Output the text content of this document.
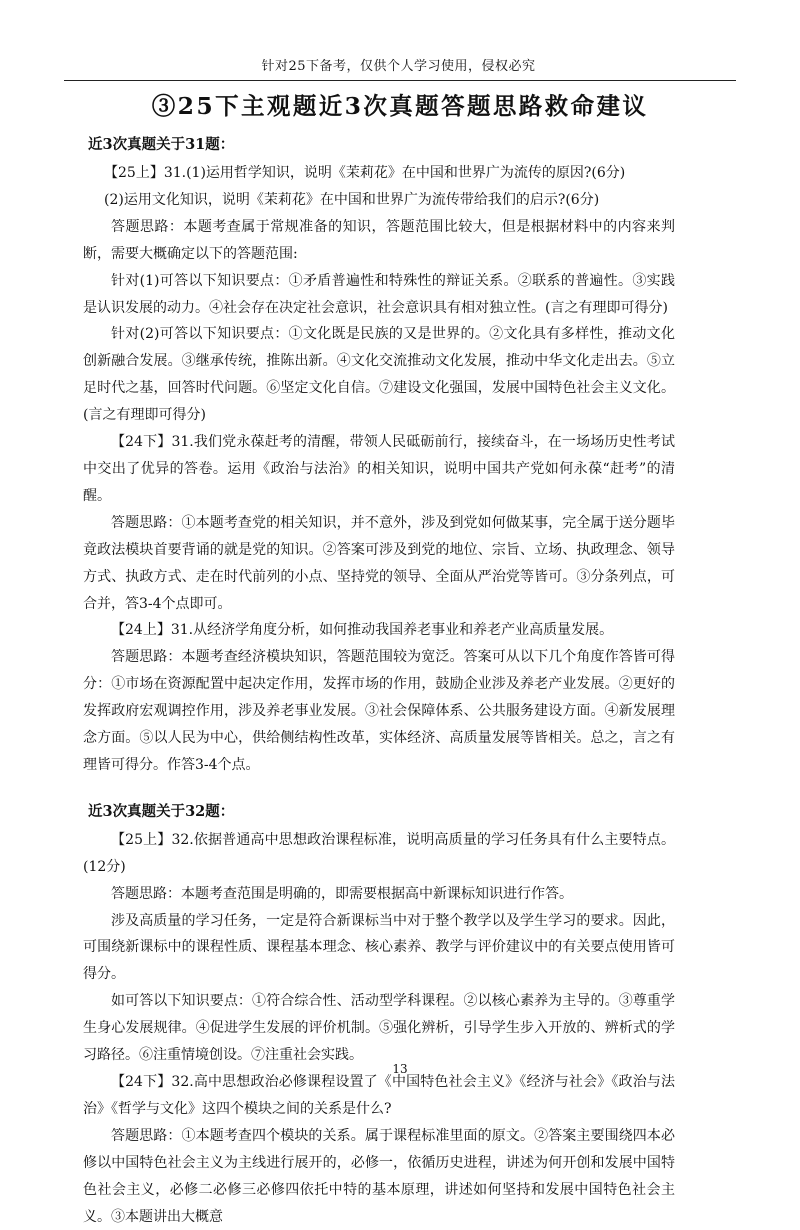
针对25下备考，仅供个人学习使用，侵权必究
③25下主观题近3次真题答题思路救命建议
近3次真题关于31题：

【25上】31.(1)运用哲学知识，说明《茉莉花》在中国和世界广为流传的原因?(6分)

(2)运用文化知识，说明《茉莉花》在中国和世界广为流传带给我们的启示?(6分)

答题思路：本题考查属于常规准备的知识，答题范围比较大，但是根据材料中的内容来判断，需要大概确定以下的答题范围:

针对(1)可答以下知识要点：①矛盾普遍性和特殊性的辩证关系。②联系的普遍性。③实践是认识发展的动力。④社会存在决定社会意识，社会意识具有相对独立性。(言之有理即可得分)

针对(2)可答以下知识要点：①文化既是民族的又是世界的。②文化具有多样性，推动文化创新融合发展。③继承传统，推陈出新。④文化交流推动文化发展，推动中华文化走出去。⑤立足时代之基，回答时代问题。⑥坚定文化自信。⑦建设文化强国，发展中国特色社会主义文化。(言之有理即可得分)

【24下】31.我们党永葆赶考的清醒，带领人民砥砺前行，接续奋斗，在一场场历史性考试中交出了优异的答卷。运用《政治与法治》的相关知识，说明中国共产党如何永葆“赶考”的清醒。

答题思路：①本题考查党的相关知识，并不意外，涉及到党如何做某事，完全属于送分题毕竟政法模块首要背诵的就是党的知识。②答案可涉及到党的地位、宗旨、立场、执政理念、领导方式、执政方式、走在时代前列的小点、坚持党的领导、全面从严治党等皆可。③分条列点，可合并，答3-4个点即可。

【24上】31.从经济学角度分析，如何推动我国养老事业和养老产业高质量发展。

答题思路：本题考查经济模块知识，答题范围较为宽泛。答案可从以下几个角度作答皆可得分：①市场在资源配置中起决定作用，发挥市场的作用，鼓励企业涉及养老产业发展。②更好的发挥政府宏观调控作用，涉及养老事业发展。③社会保障体系、公共服务建设方面。④新发展理念方面。⑤以人民为中心，供给侧结构性改革，实体经济、高质量发展等皆相关。总之，言之有理皆可得分。作答3-4个点。

近3次真题关于32题：

【25上】32.依据普通高中思想政治课程标准，说明高质量的学习任务具有什么主要特点。(12分)

答题思路：本题考查范围是明确的，即需要根据高中新课标知识进行作答。

涉及高质量的学习任务，一定是符合新课标当中对于整个教学以及学生学习的要求。因此，可围绕新课标中的课程性质、课程基本理念、核心素养、教学与评价建议中的有关要点使用皆可得分。

如可答以下知识要点：①符合综合性、活动型学科课程。②以核心素养为主导的。③尊重学生身心发展规律。④促进学生发展的评价机制。⑤强化辨析，引导学生步入开放的、辨析式的学习路径。⑥注重情境创设。⑦注重社会实践。

【24下】32.高中思想政治必修课程设置了《中国特色社会主义》《经济与社会》《政治与法治》《哲学与文化》这四个模块之间的关系是什么?

答题思路：①本题考查四个模块的关系。属于课程标准里面的原文。②答案主要围绕四本必修以中国特色社会主义为主线进行展开的，必修一，依循历史进程，讲述为何开创和发展中国特色社会主义，必修二必修三必修四依托中特的基本原理，讲述如何坚持和发展中国特色社会主义。③本题讲出大概意

13
